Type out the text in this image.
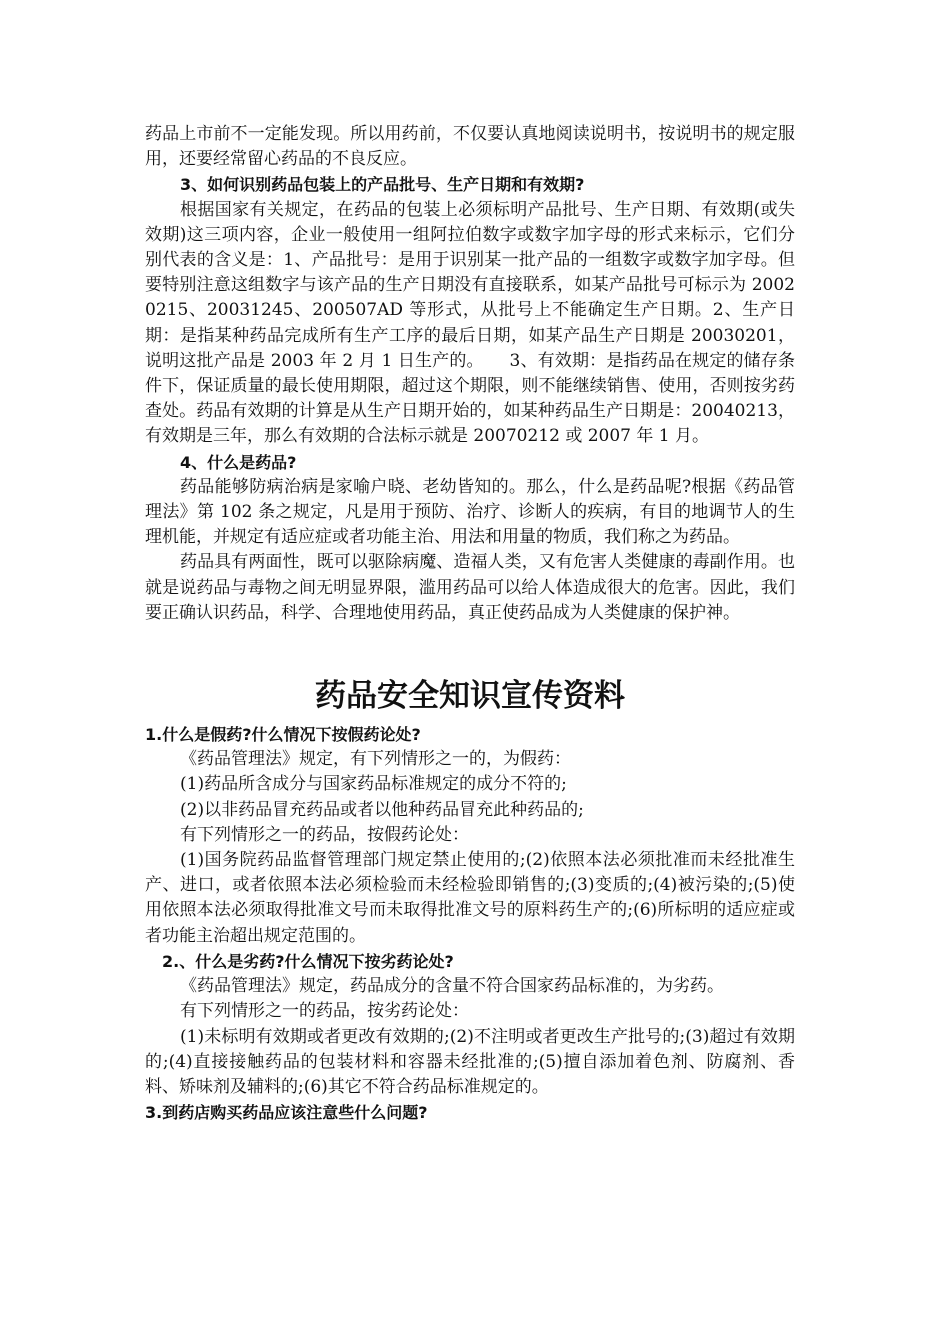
药品上市前不一定能发现。所以用药前，不仅要认真地阅读说明书，按说明书的规定服用，还要经常留心药品的不良反应。

3、如何识别药品包装上的产品批号、生产日期和有效期?

根据国家有关规定，在药品的包装上必须标明产品批号、生产日期、有效期(或失效期)这三项内容，企业一般使用一组阿拉伯数字或数字加字母的形式来标示，它们分别代表的含义是：1、产品批号：是用于识别某一批产品的一组数字或数字加字母。但要特别注意这组数字与该产品的生产日期没有直接联系，如某产品批号可标示为 20020215、20031245、200507AD 等形式，从批号上不能确定生产日期。2、生产日期：是指某种药品完成所有生产工序的最后日期，如某产品生产日期是 20030201，说明这批产品是 2003 年 2 月 1 日生产的。　　3、有效期：是指药品在规定的储存条件下，保证质量的最长使用期限，超过这个期限，则不能继续销售、使用，否则按劣药查处。药品有效期的计算是从生产日期开始的，如某种药品生产日期是：20040213，有效期是三年，那么有效期的合法标示就是 20070212 或 2007 年 1 月。

4、什么是药品?

药品能够防病治病是家喻户晓、老幼皆知的。那么，什么是药品呢?根据《药品管理法》第 102 条之规定，凡是用于预防、治疗、诊断人的疾病，有目的地调节人的生理机能，并规定有适应症或者功能主治、用法和用量的物质，我们称之为药品。

药品具有两面性，既可以驱除病魔、造福人类，又有危害人类健康的毒副作用。也就是说药品与毒物之间无明显界限，滥用药品可以给人体造成很大的危害。因此，我们要正确认识药品，科学、合理地使用药品，真正使药品成为人类健康的保护神。

药品安全知识宣传资料

1.什么是假药?什么情况下按假药论处?

《药品管理法》规定，有下列情形之一的，为假药：

(1)药品所含成分与国家药品标准规定的成分不符的;

(2)以非药品冒充药品或者以他种药品冒充此种药品的;

有下列情形之一的药品，按假药论处：

(1)国务院药品监督管理部门规定禁止使用的;(2)依照本法必须批准而未经批准生产、进口，或者依照本法必须检验而未经检验即销售的;(3)变质的;(4)被污染的;(5)使用依照本法必须取得批准文号而未取得批准文号的原料药生产的;(6)所标明的适应症或者功能主治超出规定范围的。

2.、什么是劣药?什么情况下按劣药论处?

《药品管理法》规定，药品成分的含量不符合国家药品标准的，为劣药。

有下列情形之一的药品，按劣药论处：

(1)未标明有效期或者更改有效期的;(2)不注明或者更改生产批号的;(3)超过有效期的;(4)直接接触药品的包装材料和容器未经批准的;(5)擅自添加着色剂、防腐剂、香料、矫味剂及辅料的;(6)其它不符合药品标准规定的。

3.到药店购买药品应该注意些什么问题?
